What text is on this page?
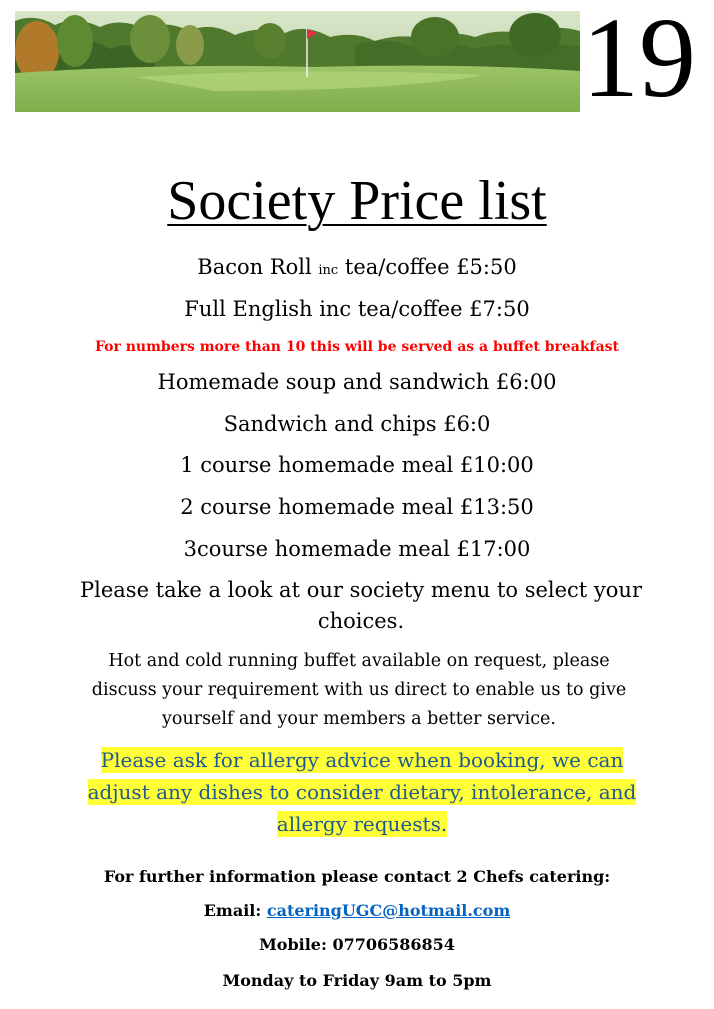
19
Society Price list
Bacon Roll inc tea/coffee £5:50
Full English inc tea/coffee £7:50
For numbers more than 10 this will be served as a buffet breakfast
Homemade soup and sandwich £6:00
Sandwich and chips £6:0
1 course homemade meal £10:00
2 course homemade meal £13:50
3course homemade meal £17:00
Please take a look at our society menu to select your choices.
Hot and cold running buffet available on request, please discuss your requirement with us direct to enable us to give yourself and your members a better service.
Please ask for allergy advice when booking, we can adjust any dishes to consider dietary, intolerance, and allergy requests.
For further information please contact 2 Chefs catering:
Email: cateringUGC@hotmail.com
Mobile: 07706586854
Monday to Friday 9am to 5pm
